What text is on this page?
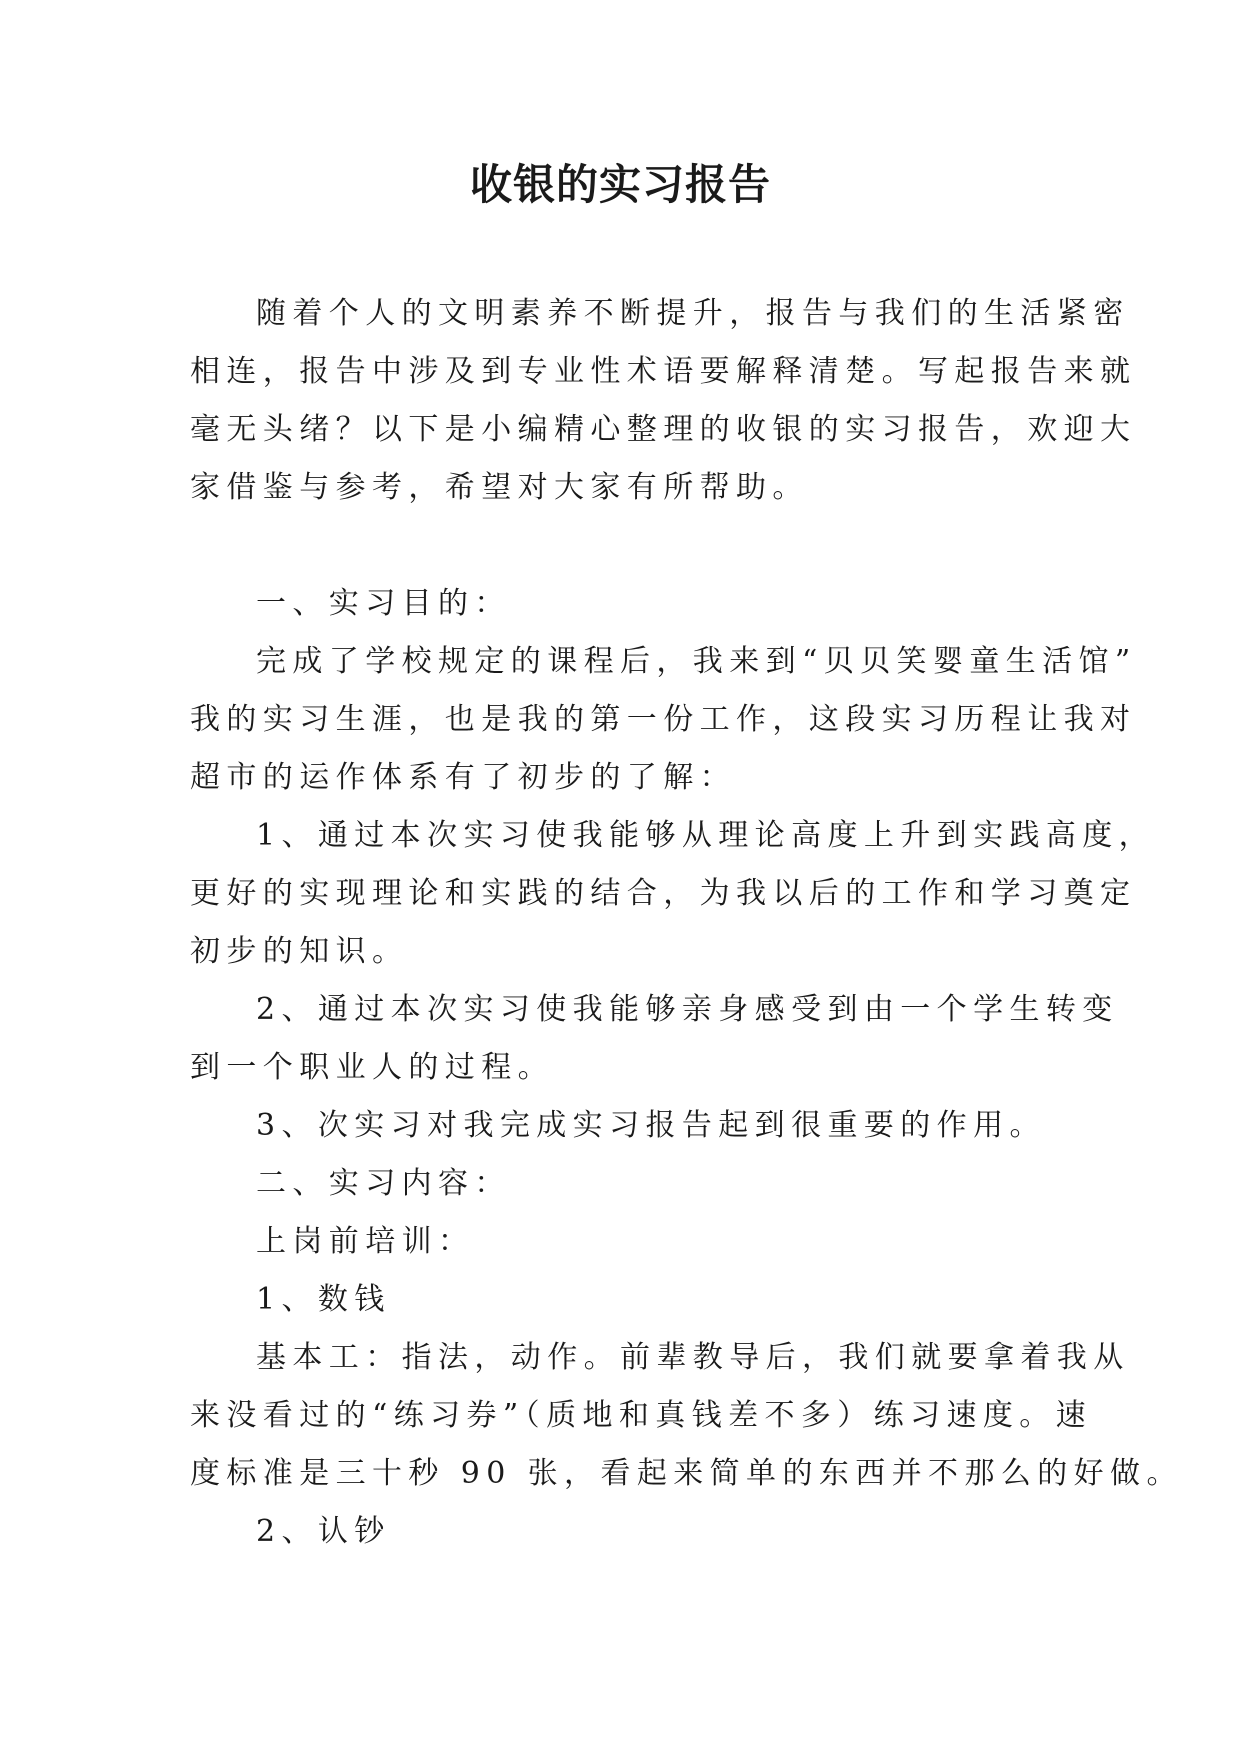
收银的实习报告

随着个人的文明素养不断提升，报告与我们的生活紧密

相连，报告中涉及到专业性术语要解释清楚。写起报告来就

毫无头绪？以下是小编精心整理的收银的实习报告，欢迎大

家借鉴与参考，希望对大家有所帮助。

一、实习目的：

完成了学校规定的课程后，我来到“贝贝笑婴童生活馆”

我的实习生涯，也是我的第一份工作，这段实习历程让我对

超市的运作体系有了初步的了解：

1、通过本次实习使我能够从理论高度上升到实践高度，

更好的实现理论和实践的结合，为我以后的工作和学习奠定

初步的知识。

2、通过本次实习使我能够亲身感受到由一个学生转变

到一个职业人的过程。

3、次实习对我完成实习报告起到很重要的作用。

二、实习内容：

上岗前培训：

1、数钱

基本工：指法，动作。前辈教导后，我们就要拿着我从

来没看过的“练习券”（质地和真钱差不多）练习速度。速

度标准是三十秒 90 张，看起来简单的东西并不那么的好做。

2、认钞
